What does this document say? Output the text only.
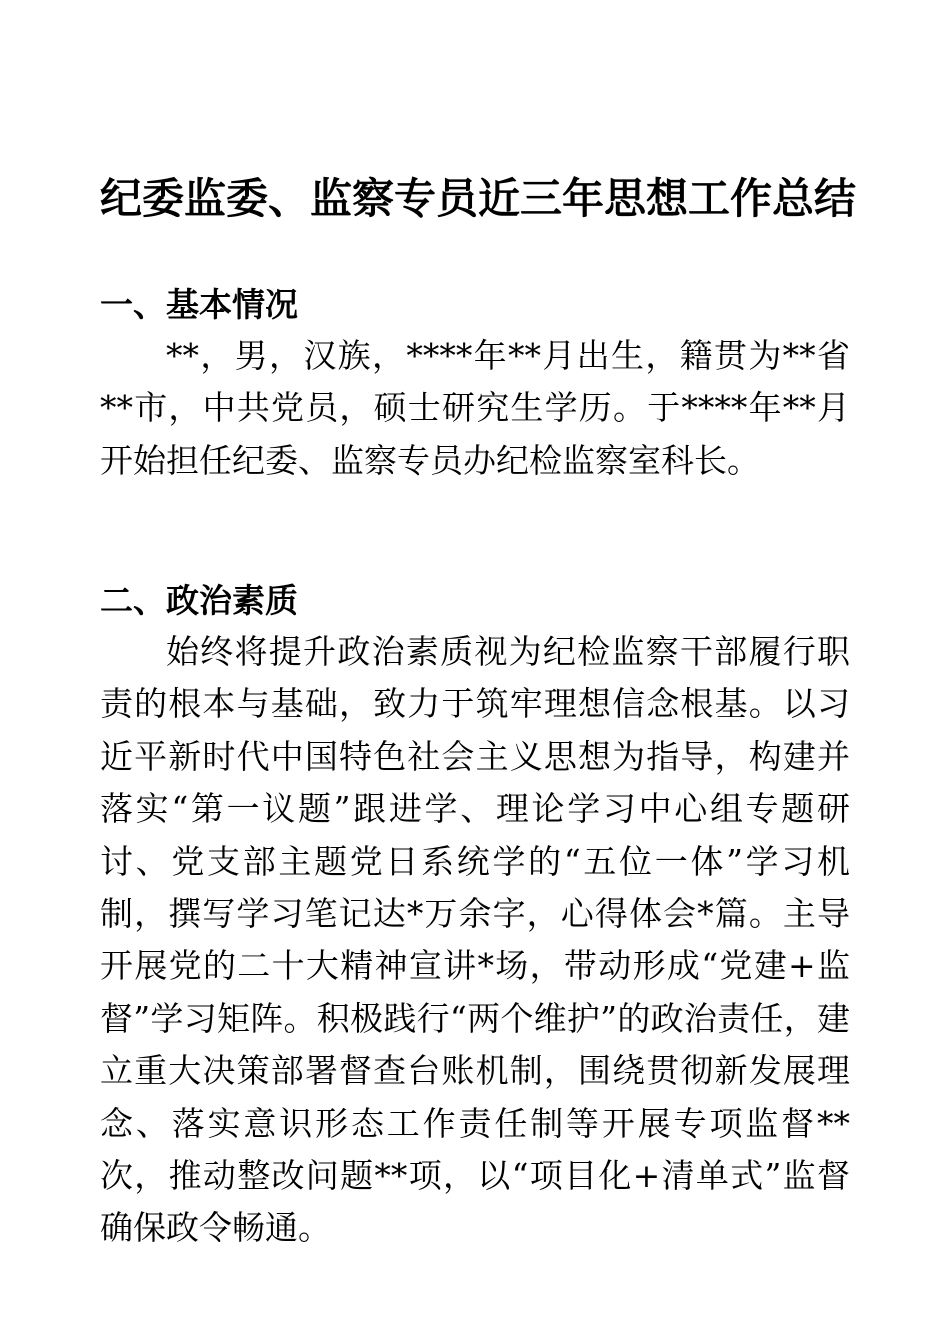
纪委监委、监察专员近三年思想工作总结
一、基本情况

**，男，汉族，****年**月出生，籍贯为**省**市，中共党员，硕士研究生学历。于****年**月开始担任纪委、监察专员办纪检监察室科长。

二、政治素质

始终将提升政治素质视为纪检监察干部履行职责的根本与基础，致力于筑牢理想信念根基。以习近平新时代中国特色社会主义思想为指导，构建并落实“第一议题”跟进学、理论学习中心组专题研讨、党支部主题党日系统学的“五位一体”学习机制，撰写学习笔记达*万余字，心得体会*篇。主导开展党的二十大精神宣讲*场，带动形成“党建+监督”学习矩阵。积极践行“两个维护”的政治责任，建立重大决策部署督查台账机制，围绕贯彻新发展理念、落实意识形态工作责任制等开展专项监督**次，推动整改问题**项，以“项目化+清单式”监督确保政令畅通。
